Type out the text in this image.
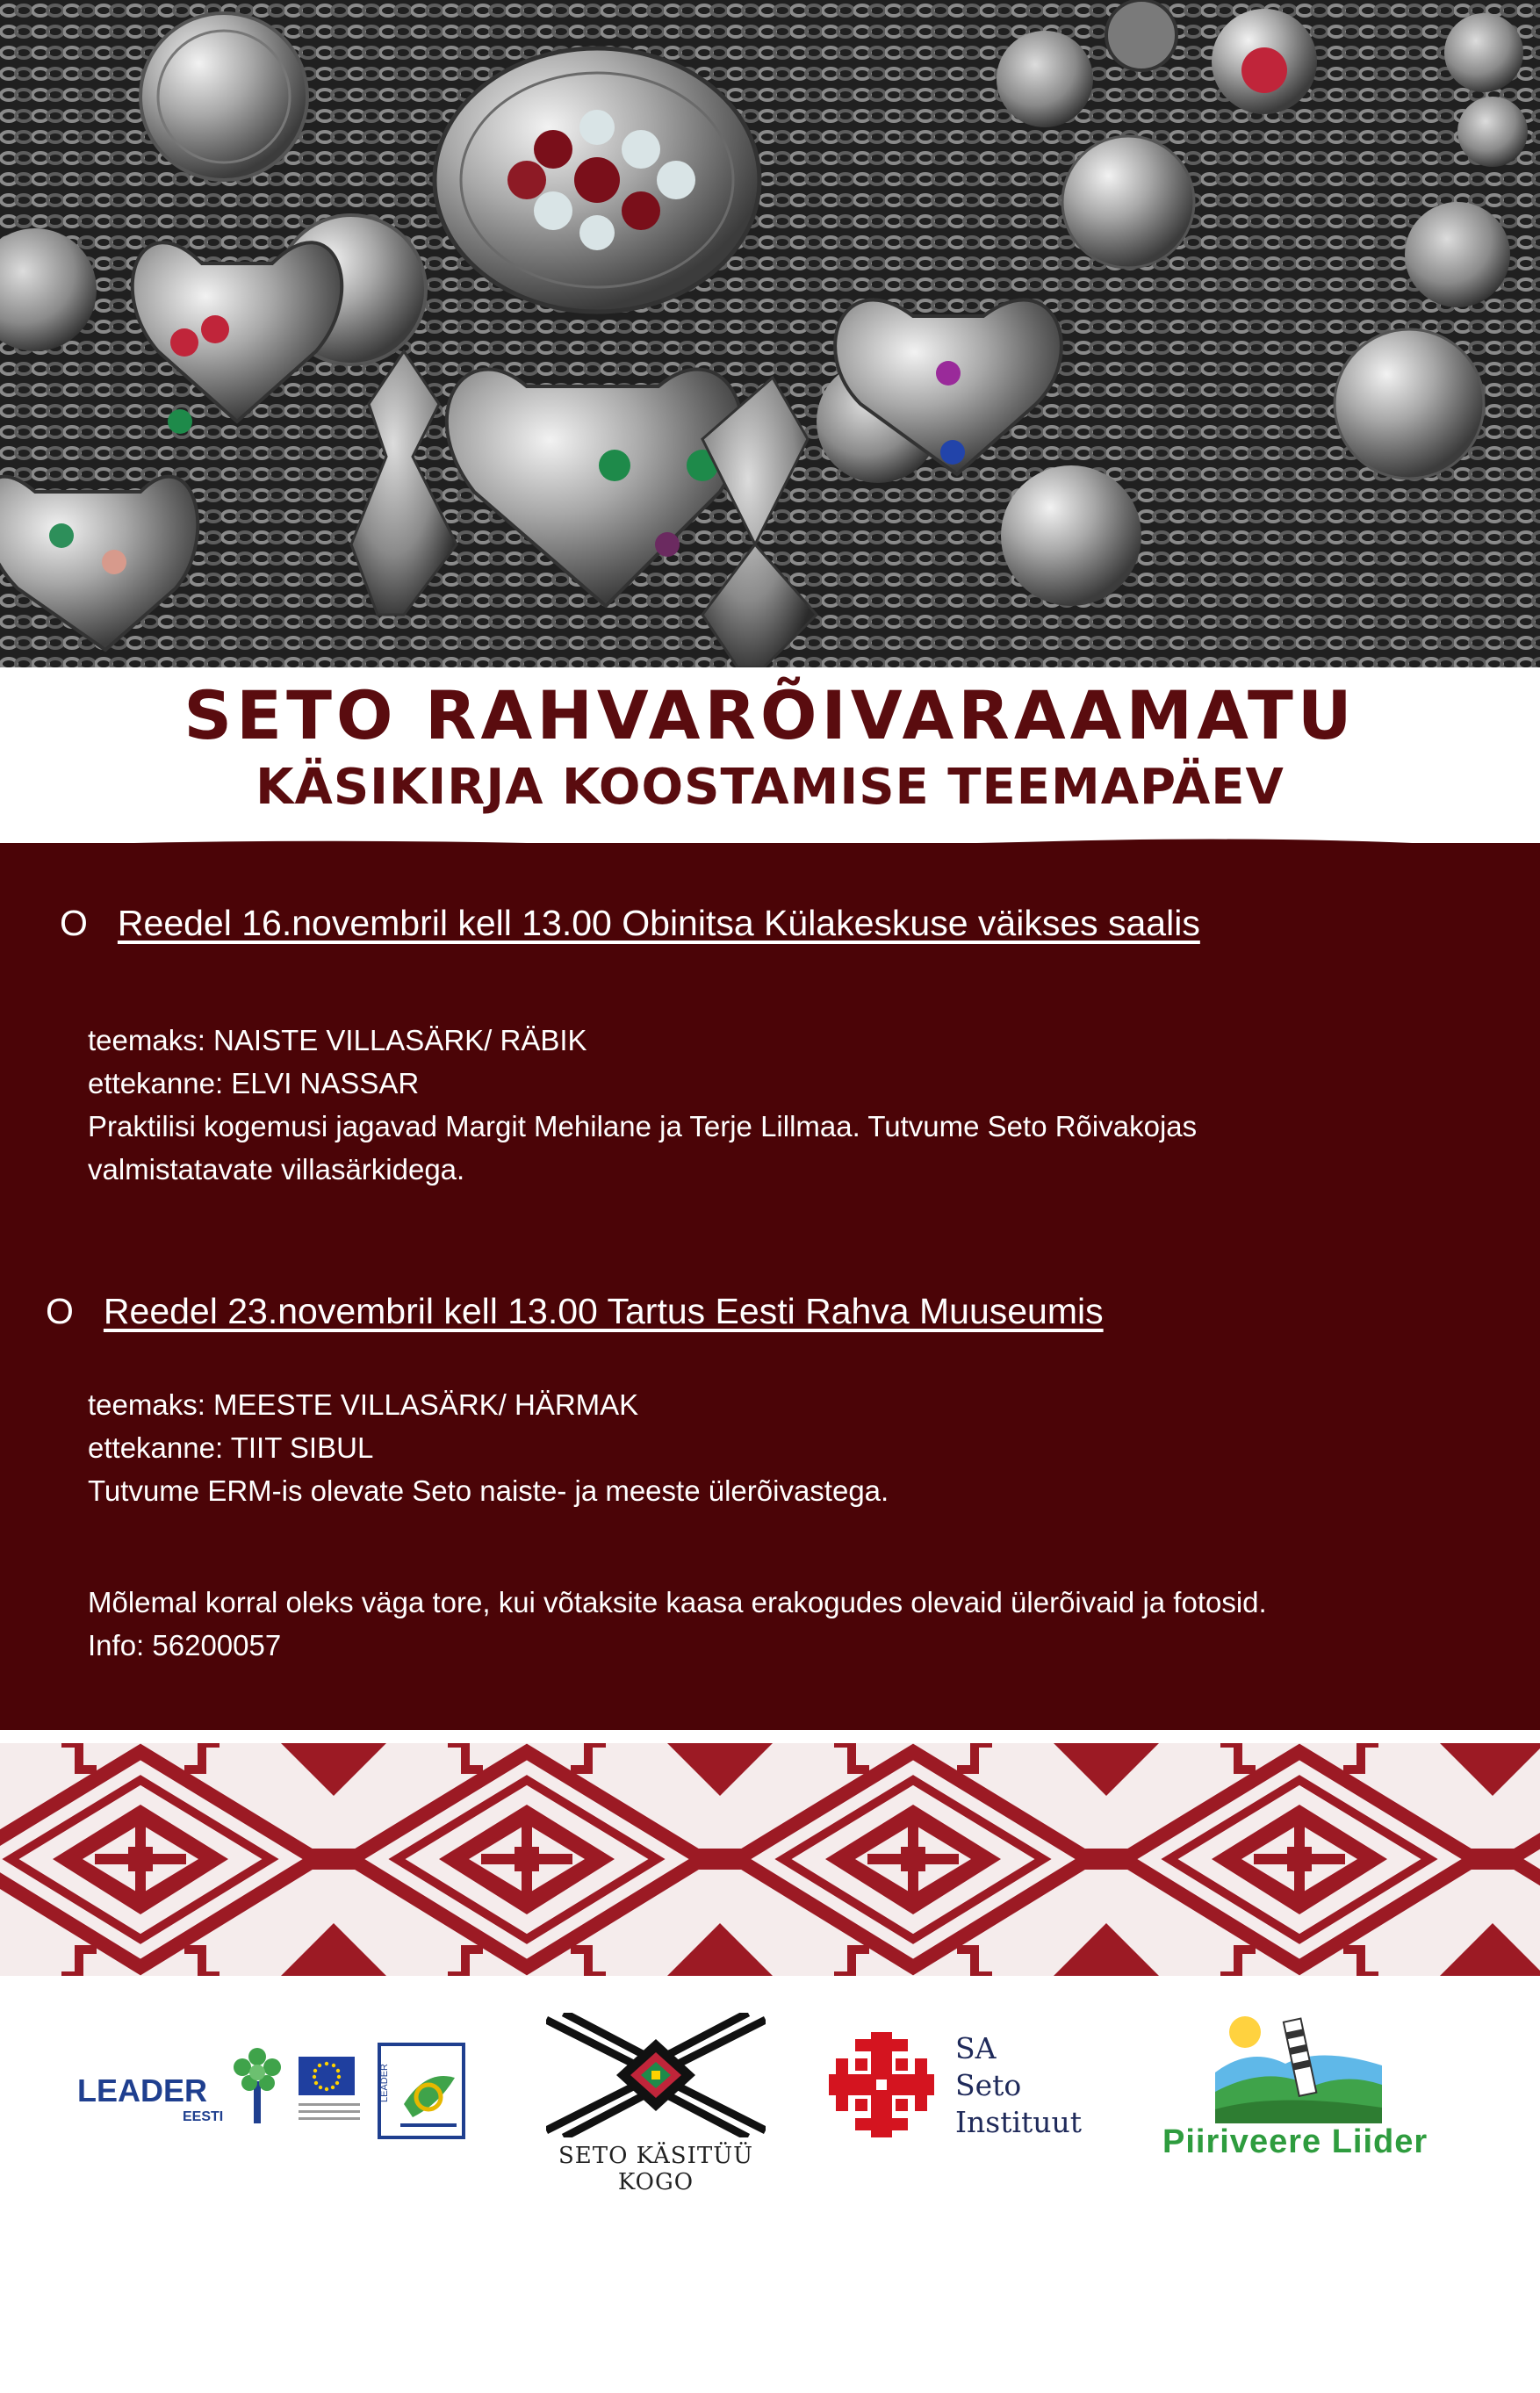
SETO RAHVARÕIVARAAMATU
KÄSIKIRJA KOOSTAMISE TEEMAPÄEV
O Reedel 16.novembril kell 13.00 Obinitsa Külakeskuse väikses saalis
teemaks: NAISTE VILLASÄRK/ RÄBIK
ettekanne: ELVI NASSAR
Praktilisi kogemusi jagavad Margit Mehilane ja Terje Lillmaa. Tutvume Seto Rõivakojas
valmistatavate villasärkidega.
O Reedel 23.novembril kell 13.00 Tartus Eesti Rahva Muuseumis
teemaks: MEESTE VILLASÄRK/ HÄRMAK
ettekanne: TIIT SIBUL
Tutvume ERM-is olevate Seto naiste- ja meeste ülerõivastega.
Mõlemal korral oleks väga tore, kui võtaksite kaasa erakogudes olevaid ülerõivaid ja fotosid.
Info: 56200057
LEADER
EESTI
LEADER
SETO KÄSITÜÜ KOGO
SA
Seto
Instituut
Piiriveere Liider
